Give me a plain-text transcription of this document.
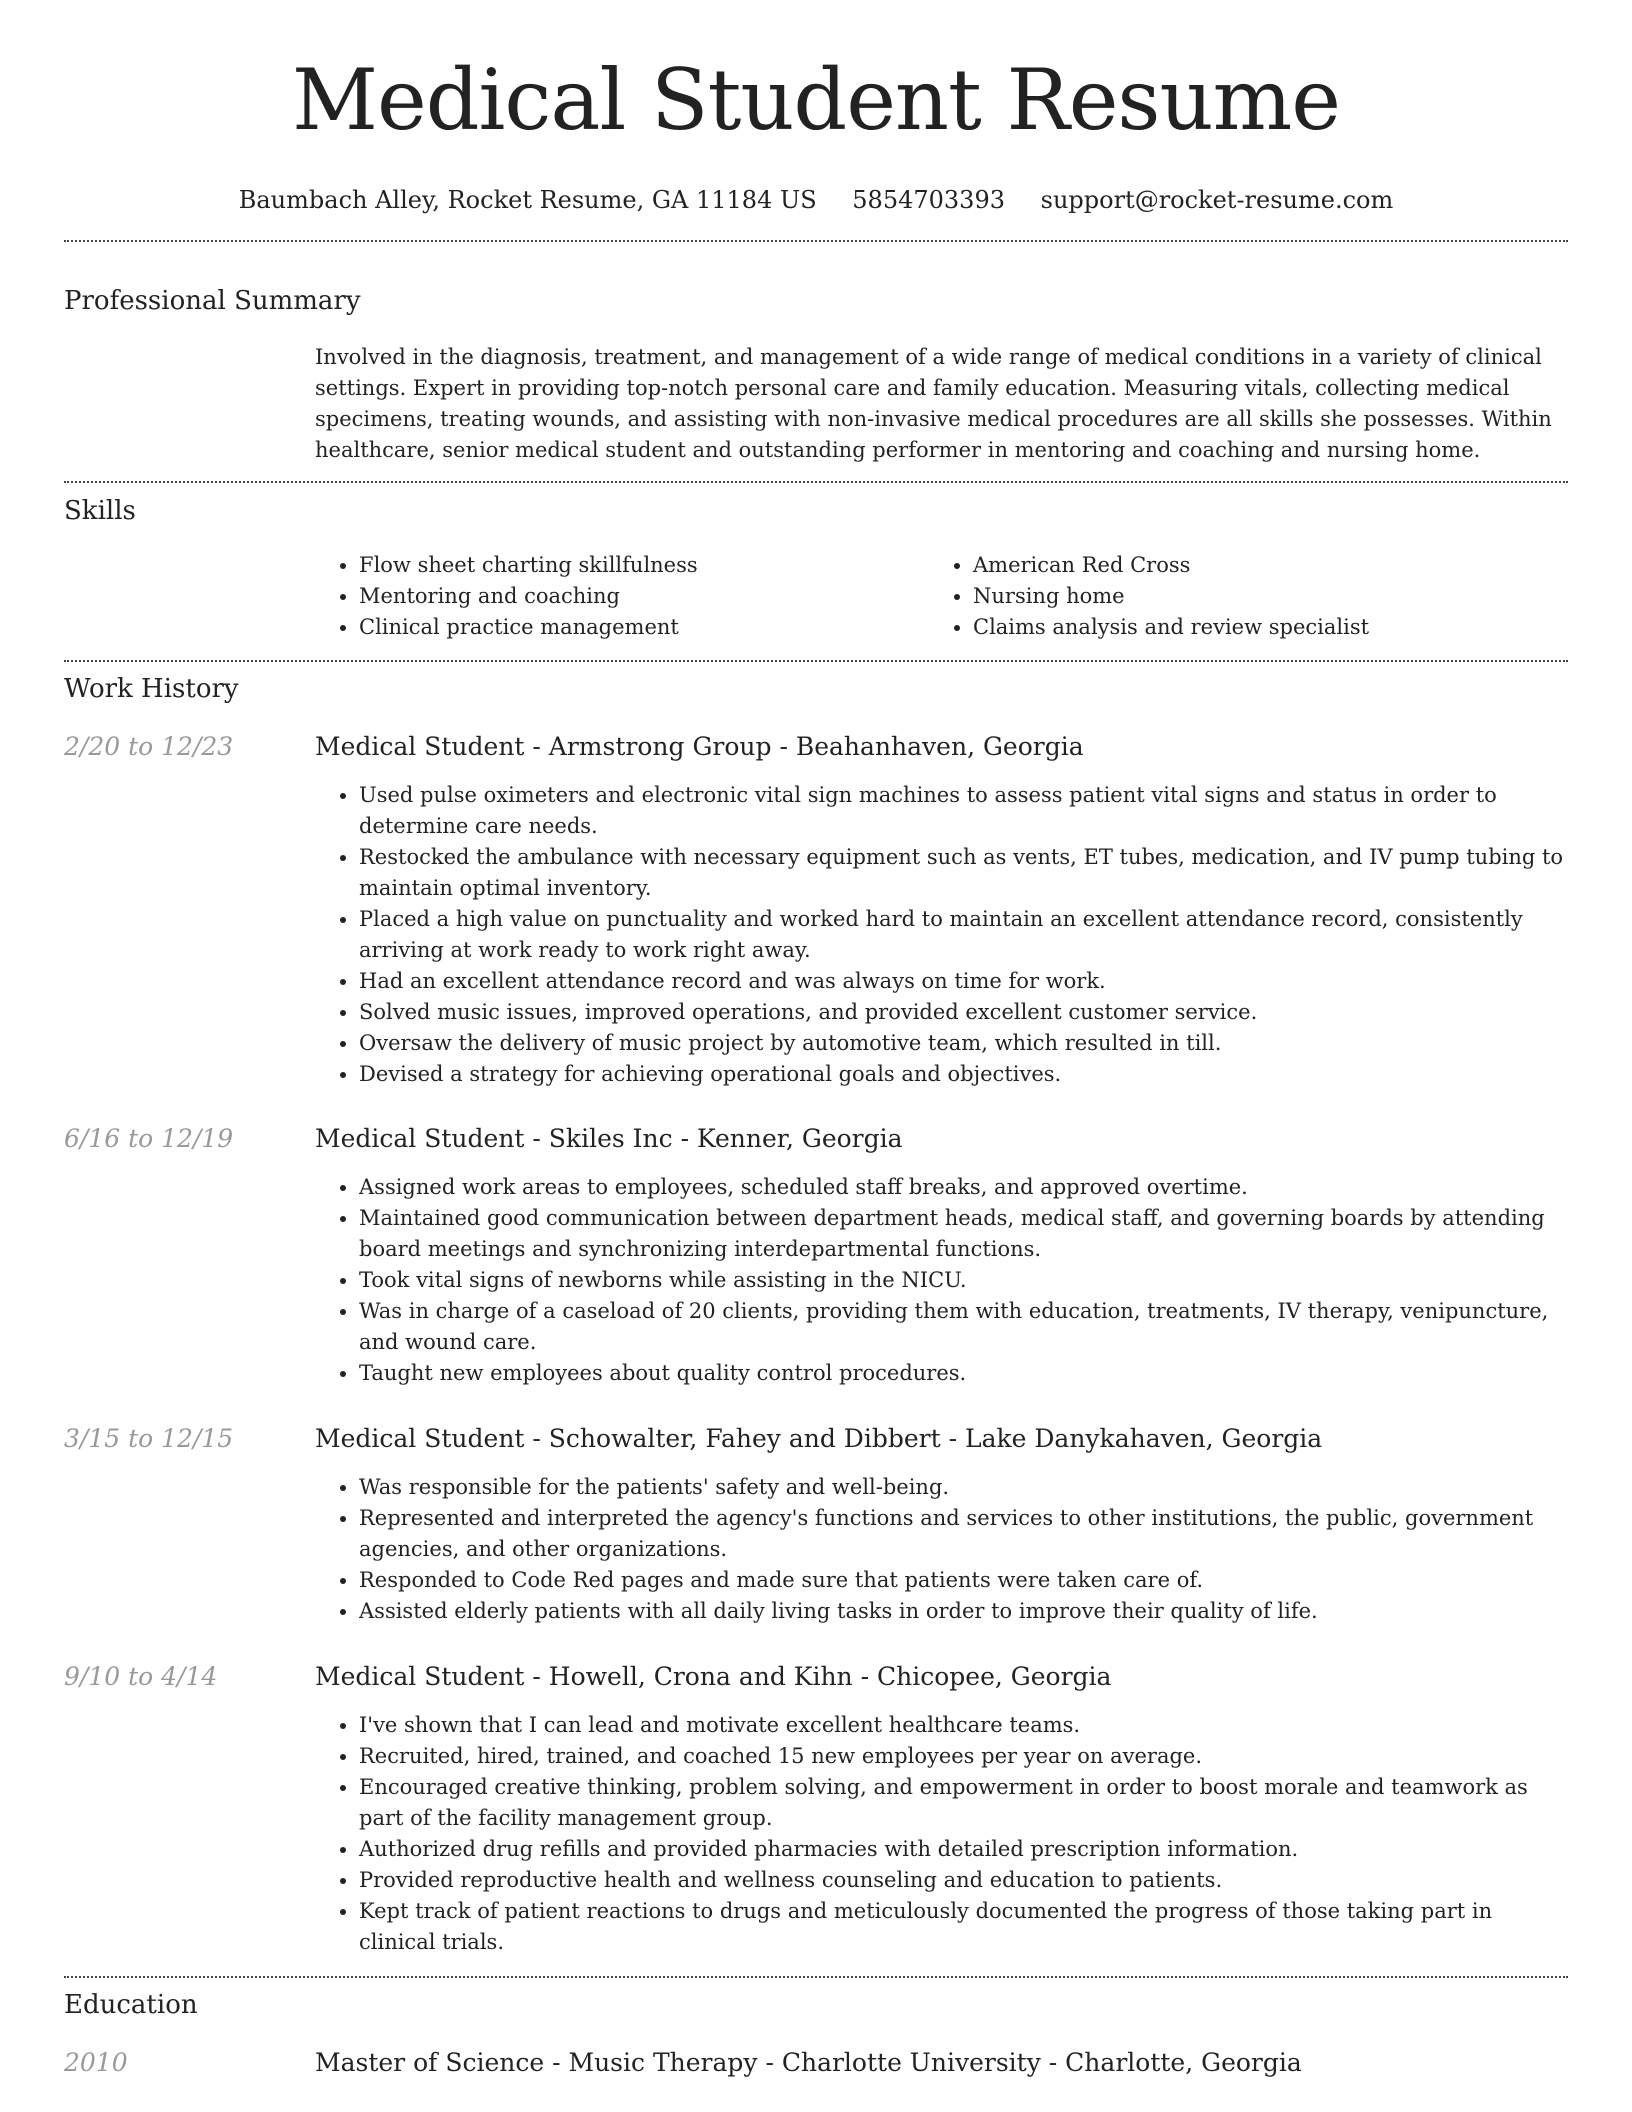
Medical Student Resume
Baumbach Alley, Rocket Resume, GA 11184 US 5854703393 support@rocket-resume.com
Professional Summary

Involved in the diagnosis, treatment, and management of a wide range of medical conditions in a variety of clinical settings. Expert in providing top-notch personal care and family education. Measuring vitals, collecting medical specimens, treating wounds, and assisting with non-invasive medical procedures are all skills she possesses. Within healthcare, senior medical student and outstanding performer in mentoring and coaching and nursing home.

Skills
• Flow sheet charting skillfulness
• Mentoring and coaching
• Clinical practice management
• American Red Cross
• Nursing home
• Claims analysis and review specialist
Work History

2/20 to 12/23	Medical Student - Armstrong Group - Beahanhaven, Georgia
• Used pulse oximeters and electronic vital sign machines to assess patient vital signs and status in order to determine care needs.
• Restocked the ambulance with necessary equipment such as vents, ET tubes, medication, and IV pump tubing to maintain optimal inventory.
• Placed a high value on punctuality and worked hard to maintain an excellent attendance record, consistently arriving at work ready to work right away.
• Had an excellent attendance record and was always on time for work.
• Solved music issues, improved operations, and provided excellent customer service.
• Oversaw the delivery of music project by automotive team, which resulted in till.
• Devised a strategy for achieving operational goals and objectives.

6/16 to 12/19	Medical Student - Skiles Inc - Kenner, Georgia
• Assigned work areas to employees, scheduled staff breaks, and approved overtime.
• Maintained good communication between department heads, medical staff, and governing boards by attending board meetings and synchronizing interdepartmental functions.
• Took vital signs of newborns while assisting in the NICU.
• Was in charge of a caseload of 20 clients, providing them with education, treatments, IV therapy, venipuncture, and wound care.
• Taught new employees about quality control procedures.

3/15 to 12/15	Medical Student - Schowalter, Fahey and Dibbert - Lake Danykahaven, Georgia
• Was responsible for the patients' safety and well-being.
• Represented and interpreted the agency's functions and services to other institutions, the public, government agencies, and other organizations.
• Responded to Code Red pages and made sure that patients were taken care of.
• Assisted elderly patients with all daily living tasks in order to improve their quality of life.

9/10 to 4/14	Medical Student - Howell, Crona and Kihn - Chicopee, Georgia
• I've shown that I can lead and motivate excellent healthcare teams.
• Recruited, hired, trained, and coached 15 new employees per year on average.
• Encouraged creative thinking, problem solving, and empowerment in order to boost morale and teamwork as part of the facility management group.
• Authorized drug refills and provided pharmacies with detailed prescription information.
• Provided reproductive health and wellness counseling and education to patients.
• Kept track of patient reactions to drugs and meticulously documented the progress of those taking part in clinical trials.
Education

2010	Master of Science - Music Therapy - Charlotte University - Charlotte, Georgia
